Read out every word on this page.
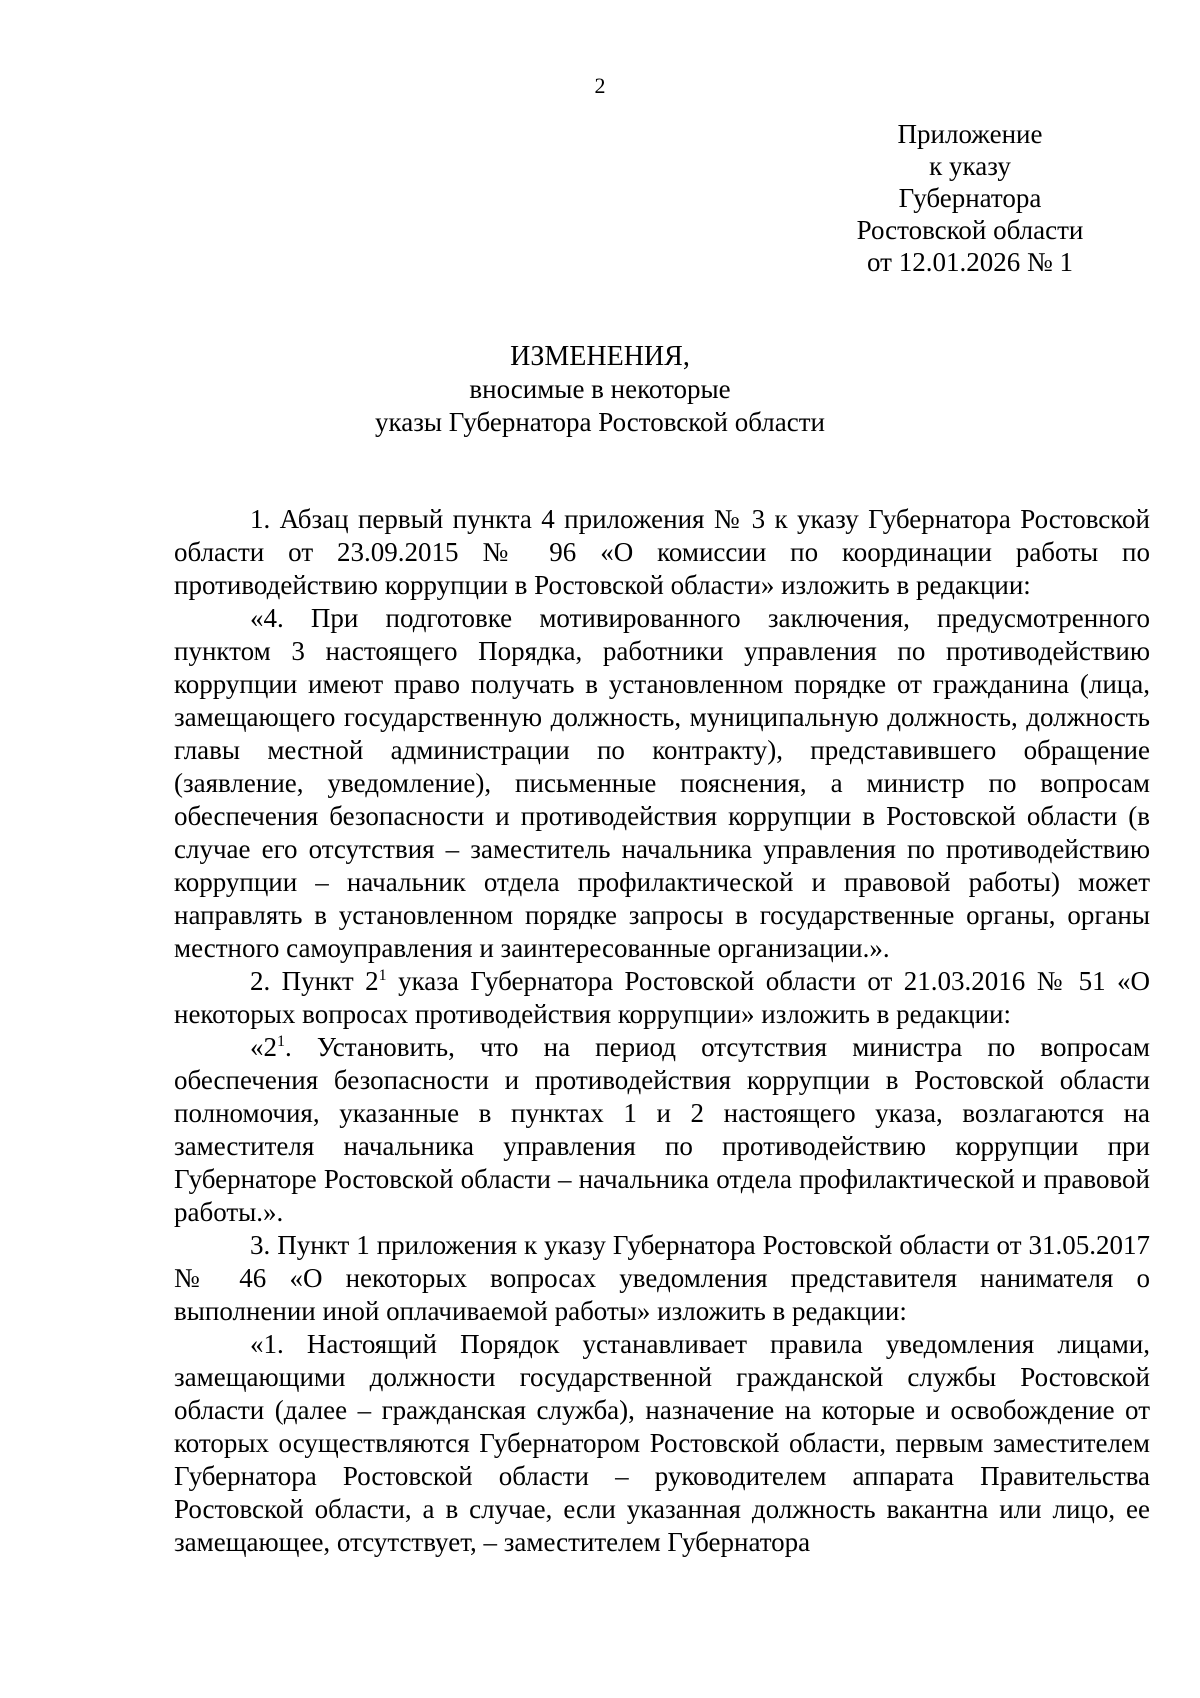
2
Приложение
к указу
Губернатора
Ростовской области
от 12.01.2026 № 1
ИЗМЕНЕНИЯ,
вносимые в некоторые
указы Губернатора Ростовской области

1. Абзац первый пункта 4 приложения № 3 к указу Губернатора Ростовской области от 23.09.2015 № 96 «О комиссии по координации работы по противодействию коррупции в Ростовской области» изложить в редакции:

«4. При подготовке мотивированного заключения, предусмотренного пунктом 3 настоящего Порядка, работники управления по противодействию коррупции имеют право получать в установленном порядке от гражданина (лица, замещающего государственную должность, муниципальную должность, должность главы местной администрации по контракту), представившего обращение (заявление, уведомление), письменные пояснения, а министр по вопросам обеспечения безопасности и противодействия коррупции в Ростовской области (в случае его отсутствия – заместитель начальника управления по противодействию коррупции – начальник отдела профилактической и правовой работы) может направлять в установленном порядке запросы в государственные органы, органы местного самоуправления и заинтересованные организации.».

2. Пункт $2^1$ указа Губернатора Ростовской области от 21.03.2016 № 51 «О некоторых вопросах противодействия коррупции» изложить в редакции:

«$2^1$. Установить, что на период отсутствия министра по вопросам обеспечения безопасности и противодействия коррупции в Ростовской области полномочия, указанные в пунктах 1 и 2 настоящего указа, возлагаются на заместителя начальника управления по противодействию коррупции при Губернаторе Ростовской области – начальника отдела профилактической и правовой работы.».

3. Пункт 1 приложения к указу Губернатора Ростовской области от 31.05.2017 № 46 «О некоторых вопросах уведомления представителя нанимателя о выполнении иной оплачиваемой работы» изложить в редакции:

«1. Настоящий Порядок устанавливает правила уведомления лицами, замещающими должности государственной гражданской службы Ростовской области (далее – гражданская служба), назначение на которые и освобождение от которых осуществляются Губернатором Ростовской области, первым заместителем Губернатора Ростовской области – руководителем аппарата Правительства Ростовской области, а в случае, если указанная должность вакантна или лицо, ее замещающее, отсутствует, – заместителем Губернатора
